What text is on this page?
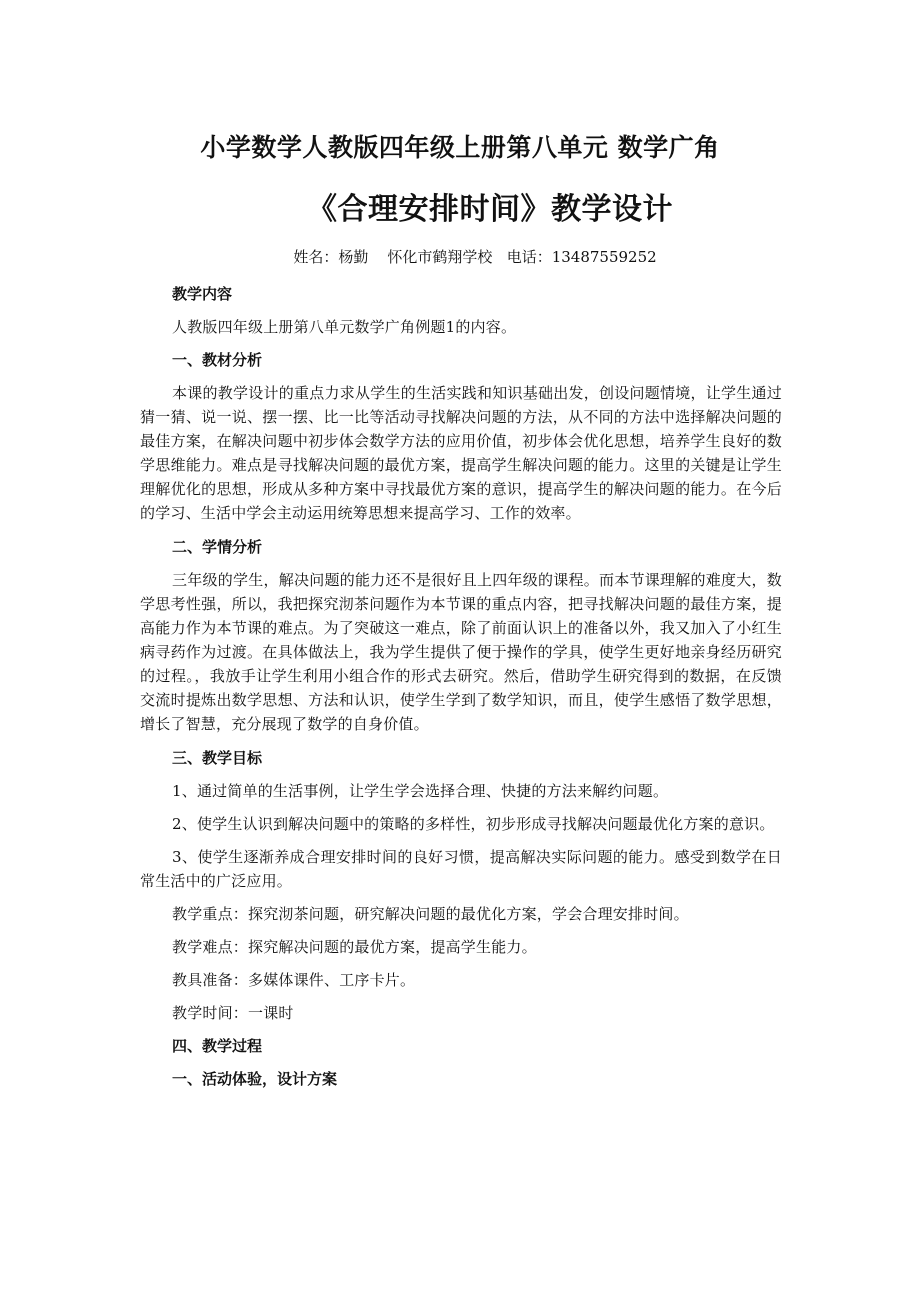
小学数学人教版四年级上册第八单元 数学广角
《合理安排时间》教学设计
姓名：杨勤    怀化市鹤翔学校   电话：13487559252
教学内容
人教版四年级上册第八单元数学广角例题1的内容。
一、教材分析
本课的教学设计的重点力求从学生的生活实践和知识基础出发，创设问题情境，让学生通过猜一猜、说一说、摆一摆、比一比等活动寻找解决问题的方法，从不同的方法中选择解决问题的最佳方案，在解决问题中初步体会数学方法的应用价值，初步体会优化思想，培养学生良好的数学思维能力。难点是寻找解决问题的最优方案，提高学生解决问题的能力。这里的关键是让学生理解优化的思想，形成从多种方案中寻找最优方案的意识，提高学生的解决问题的能力。在今后的学习、生活中学会主动运用统筹思想来提高学习、工作的效率。
二、学情分析
三年级的学生，解决问题的能力还不是很好且上四年级的课程。而本节课理解的难度大，数学思考性强，所以，我把探究沏茶问题作为本节课的重点内容，把寻找解决问题的最佳方案，提高能力作为本节课的难点。为了突破这一难点，除了前面认识上的准备以外，我又加入了小红生病寻药作为过渡。在具体做法上，我为学生提供了便于操作的学具，使学生更好地亲身经历研究的过程。，我放手让学生利用小组合作的形式去研究。然后，借助学生研究得到的数据，在反馈交流时提炼出数学思想、方法和认识，使学生学到了数学知识，而且，使学生感悟了数学思想，增长了智慧，充分展现了数学的自身价值。
三、教学目标
1、通过简单的生活事例，让学生学会选择合理、快捷的方法来解约问题。
2、使学生认识到解决问题中的策略的多样性，初步形成寻找解决问题最优化方案的意识。
3、使学生逐渐养成合理安排时间的良好习惯，提高解决实际问题的能力。感受到数学在日常生活中的广泛应用。
教学重点：探究沏茶问题，研究解决问题的最优化方案，学会合理安排时间。
教学难点：探究解决问题的最优方案，提高学生能力。
教具准备：多媒体课件、工序卡片。
教学时间：一课时
四、教学过程
一、活动体验，设计方案
